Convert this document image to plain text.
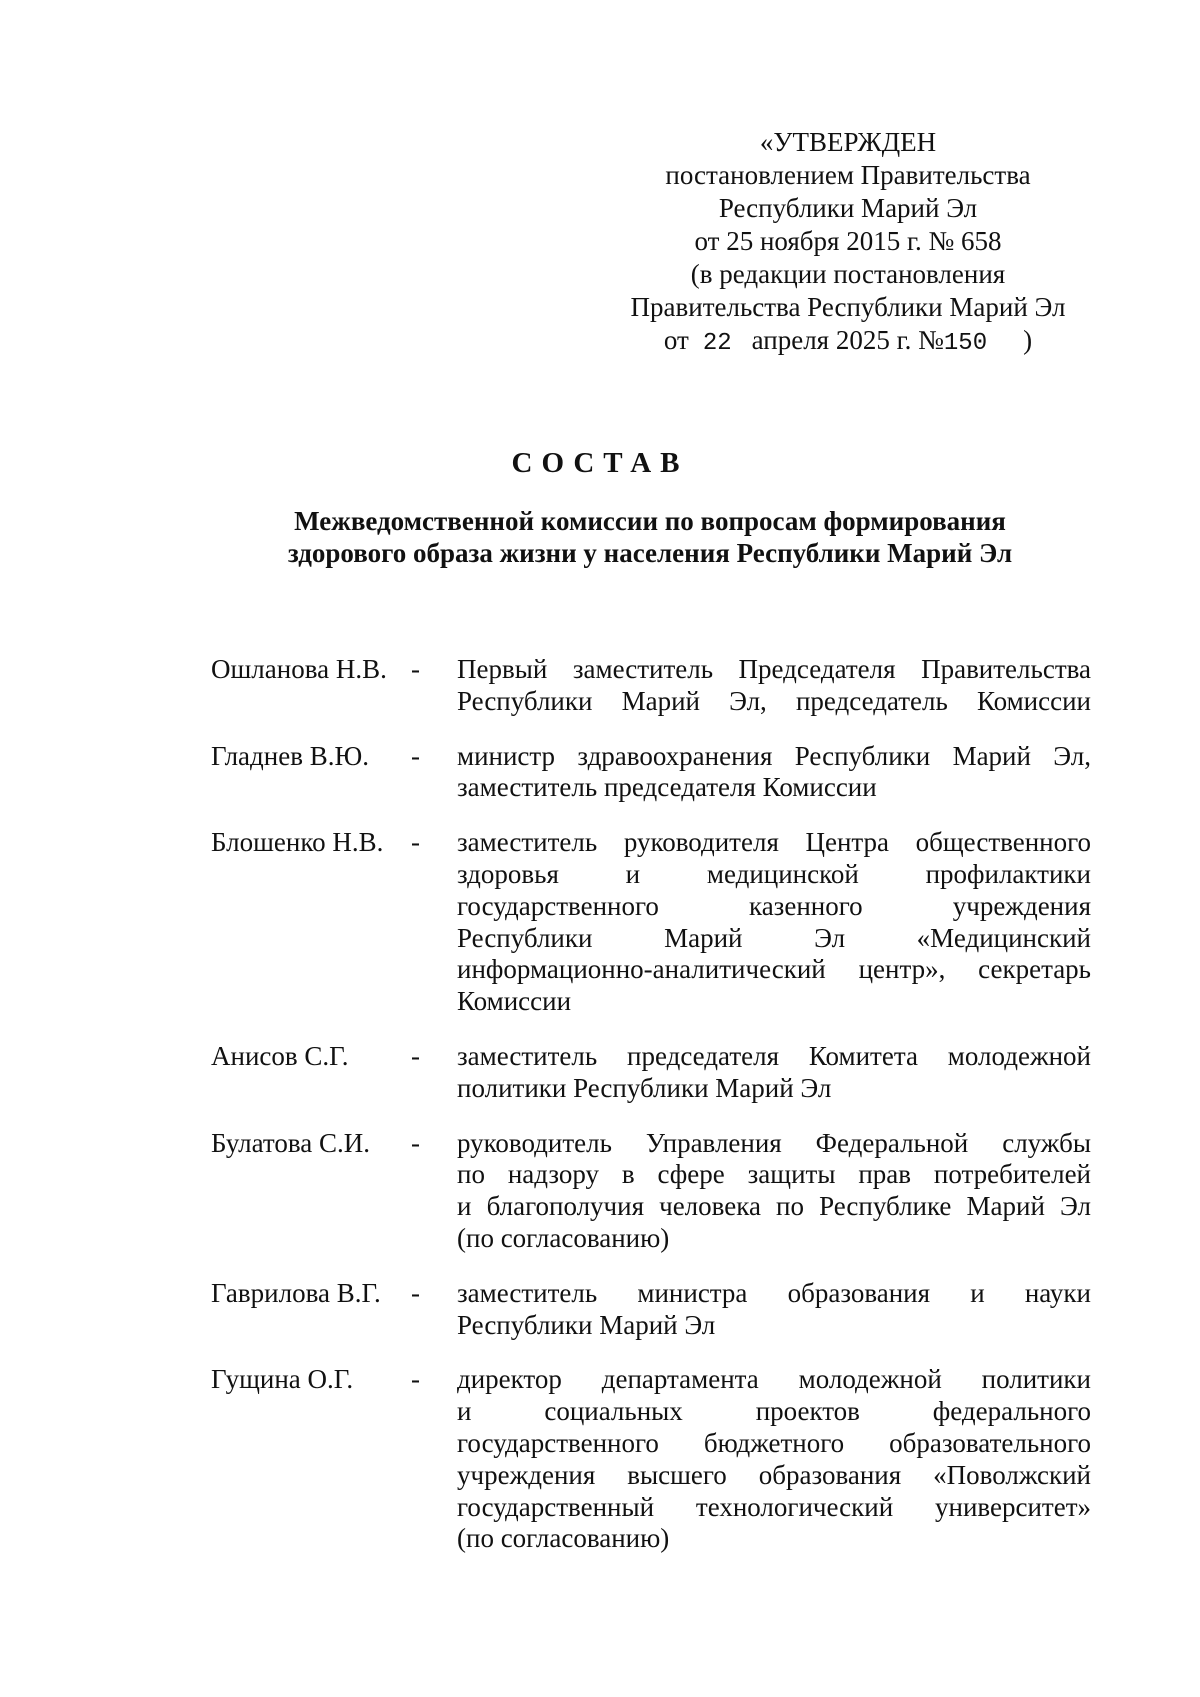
«УТВЕРЖДЕН
постановлением Правительства
Республики Марий Эл
от 25 ноября 2015 г. № 658
(в редакции постановления
Правительства Республики Марий Эл
от 22 апреля 2025 г. №150 )
СОСТАВ
Межведомственной комиссии по вопросам формирования
здорового образа жизни у населения Республики Марий Эл
Ошланова Н.В. -	Первый заместитель Председателя Правительства
Республики Марий Эл, председатель Комиссии
Гладнев В.Ю.	-	министр здравоохранения Республики Марий Эл,
заместитель председателя Комиссии
Блошенко Н.В.	-	заместитель руководителя Центра общественного
здоровья и медицинской профилактики
государственного казенного учреждения
Республики Марий Эл «Медицинский
информационно-аналитический центр», секретарь
Комиссии
Анисов С.Г.	-	заместитель председателя Комитета молодежной
политики Республики Марий Эл
Булатова С.И.	-	руководитель Управления Федеральной службы
по надзору в сфере защиты прав потребителей
и благополучия человека по Республике Марий Эл
(по согласованию)
Гаврилова В.Г.	-	заместитель министра образования и науки
Республики Марий Эл
Гущина О.Г.	-	директор департамента молодежной политики
и социальных проектов федерального
государственного бюджетного образовательного
учреждения высшего образования «Поволжский
государственный технологический университет»
(по согласованию)
